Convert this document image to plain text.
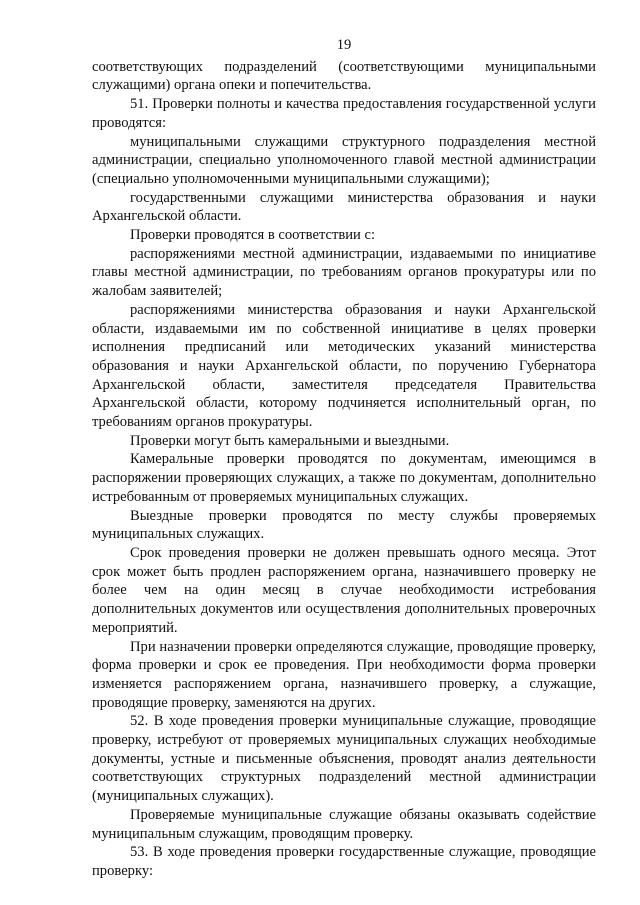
19

соответствующих подразделений (соответствующими муниципальными служащими) органа опеки и попечительства.

51. Проверки полноты и качества предоставления государственной услуги проводятся:

муниципальными служащими структурного подразделения местной администрации, специально уполномоченного главой местной администрации (специально уполномоченными муниципальными служащими);

государственными служащими министерства образования и науки Архангельской области.

Проверки проводятся в соответствии с:

распоряжениями местной администрации, издаваемыми по инициативе главы местной администрации, по требованиям органов прокуратуры или по жалобам заявителей;

распоряжениями министерства образования и науки Архангельской области, издаваемыми им по собственной инициативе в целях проверки исполнения предписаний или методических указаний министерства образования и науки Архангельской области, по поручению Губернатора Архангельской области, заместителя председателя Правительства Архангельской области, которому подчиняется исполнительный орган, по требованиям органов прокуратуры.

Проверки могут быть камеральными и выездными.

Камеральные проверки проводятся по документам, имеющимся в распоряжении проверяющих служащих, а также по документам, дополнительно истребованным от проверяемых муниципальных служащих.

Выездные проверки проводятся по месту службы проверяемых муниципальных служащих.

Срок проведения проверки не должен превышать одного месяца. Этот срок может быть продлен распоряжением органа, назначившего проверку не более чем на один месяц в случае необходимости истребования дополнительных документов или осуществления дополнительных проверочных мероприятий.

При назначении проверки определяются служащие, проводящие проверку, форма проверки и срок ее проведения. При необходимости форма проверки изменяется распоряжением органа, назначившего проверку, а служащие, проводящие проверку, заменяются на других.

52. В ходе проведения проверки муниципальные служащие, проводящие проверку, истребуют от проверяемых муниципальных служащих необходимые документы, устные и письменные объяснения, проводят анализ деятельности соответствующих структурных подразделений местной администрации (муниципальных служащих).

Проверяемые муниципальные служащие обязаны оказывать содействие муниципальным служащим, проводящим проверку.

53. В ходе проведения проверки государственные служащие, проводящие проверку:
